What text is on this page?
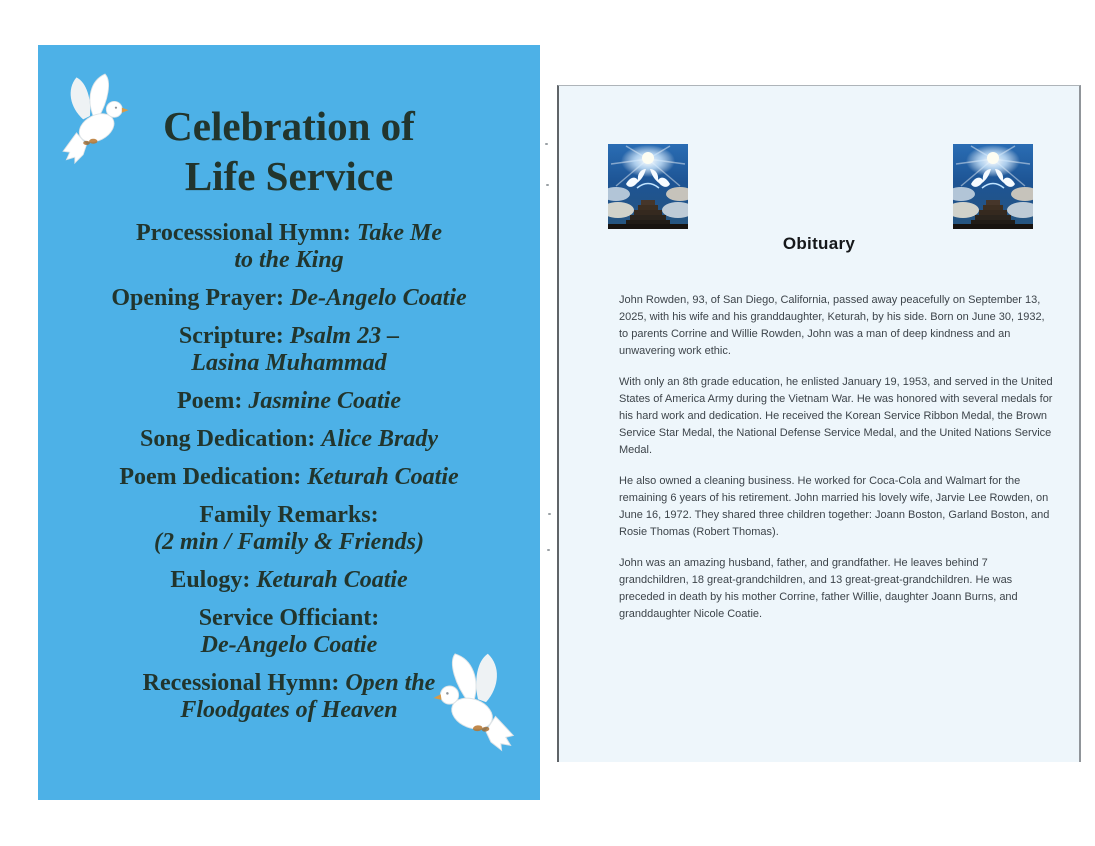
Celebration of
Life Service
Processsional Hymn: Take Me
to the King
Opening Prayer: De-Angelo Coatie
Scripture: Psalm 23 –
Lasina Muhammad
Poem: Jasmine Coatie
Song Dedication: Alice Brady
Poem Dedication: Keturah Coatie
Family Remarks:
(2 min / Family & Friends)
Eulogy: Keturah Coatie
Service Officiant:
De-Angelo Coatie
Recessional Hymn: Open the
Floodgates of Heaven
Obituary

John Rowden, 93, of San Diego, California, passed away peacefully on September 13, 2025, with his wife and his granddaughter, Keturah, by his side. Born on June 30, 1932, to parents Corrine and Willie Rowden, John was a man of deep kindness and an unwavering work ethic.

With only an 8th grade education, he enlisted January 19, 1953, and served in the United States of America Army during the Vietnam War. He was honored with several medals for his hard work and dedication. He received the Korean Service Ribbon Medal, the Brown Service Star Medal, the National Defense Service Medal, and the United Nations Service Medal.

He also owned a cleaning business. He worked for Coca-Cola and Walmart for the remaining 6 years of his retirement. John married his lovely wife, Jarvie Lee Rowden, on June 16, 1972. They shared three children together: Joann Boston, Garland Boston, and Rosie Thomas (Robert Thomas).

John was an amazing husband, father, and grandfather. He leaves behind 7 grandchildren, 18 great-grandchildren, and 13 great-great-grandchildren. He was preceded in death by his mother Corrine, father Willie, daughter Joann Burns, and granddaughter Nicole Coatie.
